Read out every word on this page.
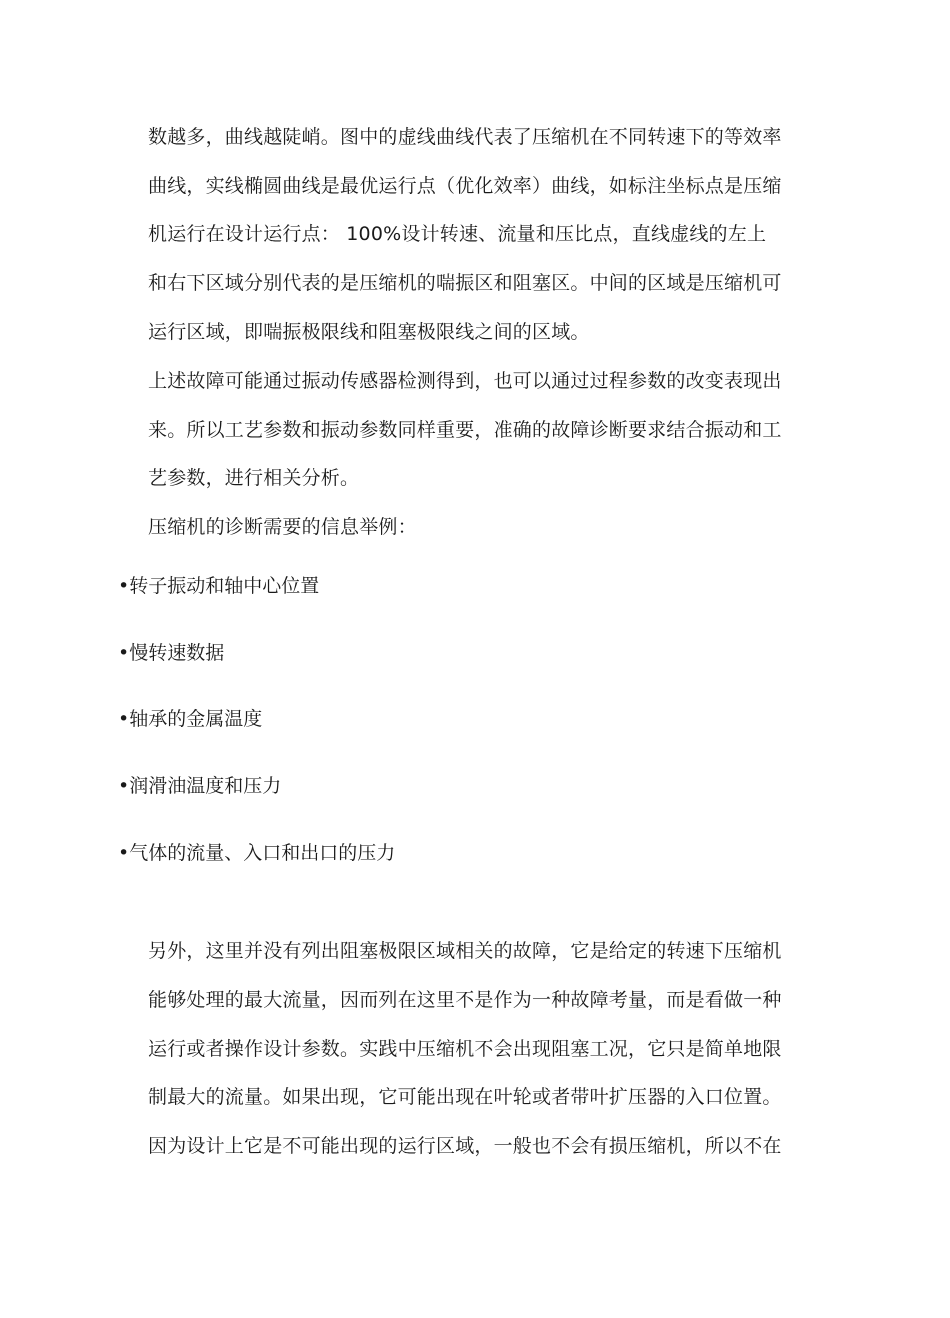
数越多，曲线越陡峭。图中的虚线曲线代表了压缩机在不同转速下的等效率
曲线，实线椭圆曲线是最优运行点（优化效率）曲线，如标注坐标点是压缩
机运行在设计运行点： 100%设计转速、流量和压比点，直线虚线的左上
和右下区域分别代表的是压缩机的喘振区和阻塞区。中间的区域是压缩机可
运行区域，即喘振极限线和阻塞极限线之间的区域。
上述故障可能通过振动传感器检测得到，也可以通过过程参数的改变表现出
来。所以工艺参数和振动参数同样重要，准确的故障诊断要求结合振动和工
艺参数，进行相关分析。
压缩机的诊断需要的信息举例：
•转子振动和轴中心位置
•慢转速数据
•轴承的金属温度
•润滑油温度和压力
•气体的流量、入口和出口的压力
另外，这里并没有列出阻塞极限区域相关的故障，它是给定的转速下压缩机
能够处理的最大流量，因而列在这里不是作为一种故障考量，而是看做一种
运行或者操作设计参数。实践中压缩机不会出现阻塞工况，它只是简单地限
制最大的流量。如果出现，它可能出现在叶轮或者带叶扩压器的入口位置。
因为设计上它是不可能出现的运行区域，一般也不会有损压缩机，所以不在
